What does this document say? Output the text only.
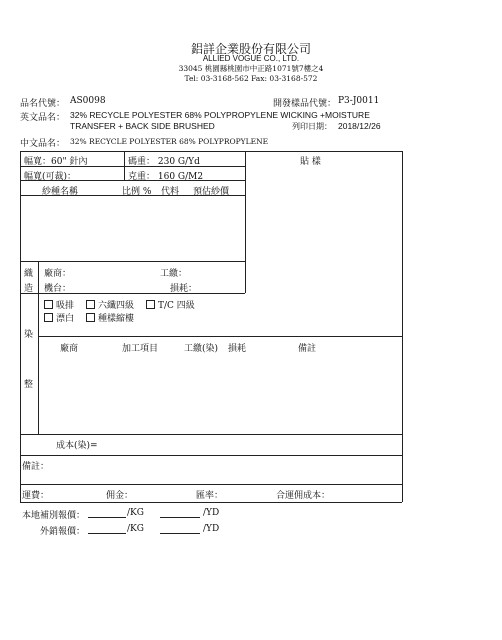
鋁詳企業股份有限公司
ALLIED VOGUE CO., LTD.
33045 桃園縣桃園市中正路1071號7樓之4
Tel: 03-3168-562 Fax: 03-3168-572
品名代號： AS0098	開發樣品代號： P3-J0011
英文品名： 32% RECYCLE POLYESTER 68% POLYPROPYLENE WICKING +MOISTURE
TRANSFER + BACK SIDE BRUSHED	列印日期： 2018/12/26
中文品名： 32% RECYCLE POLYESTER 68% POLYPROPYLENE
幅寬：60" 針內	碼重： 230 G/Yd	貼 樣
幅寬(可裁)：	克重： 160 G/M2
紗種名稱	比例 % 代料 預估紗價
織
造
廠商：	工繳：
機台：	損耗：
染
整
吸排	六纖四級	T/C 四級
漂白	種樣縮樓
廠商	加工項目	工繳(染) 損耗	備註
成本(染)=
備註：
運費：	佣金：	匯率：	合運佣成本：
本地補別報價：	/KG	/YD
外銷報價：	/KG	/YD
